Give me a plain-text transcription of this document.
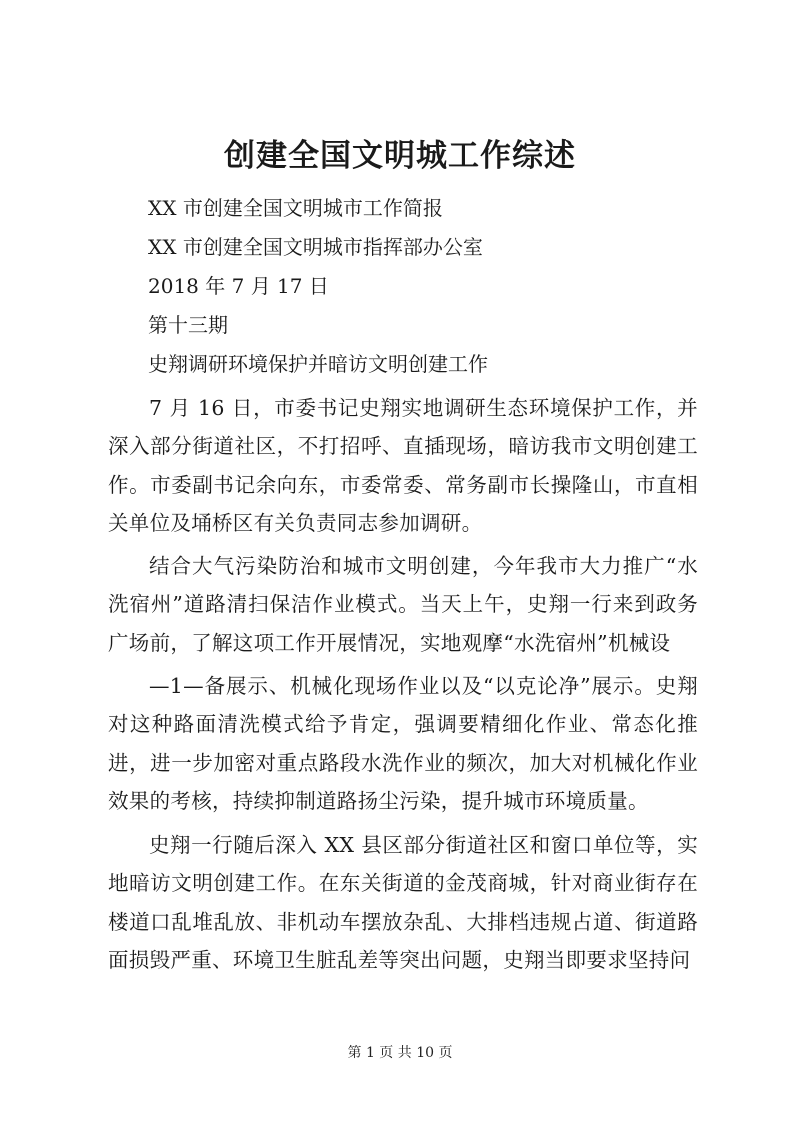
创建全国文明城工作综述
XX 市创建全国文明城市工作简报
XX 市创建全国文明城市指挥部办公室
2018 年 7 月 17 日
第十三期
史翔调研环境保护并暗访文明创建工作
7 月 16 日，市委书记史翔实地调研生态环境保护工作，并深入部分街道社区，不打招呼、直插现场，暗访我市文明创建工作。市委副书记余向东，市委常委、常务副市长操隆山，市直相关单位及埇桥区有关负责同志参加调研。
结合大气污染防治和城市文明创建，今年我市大力推广“水洗宿州”道路清扫保洁作业模式。当天上午，史翔一行来到政务广场前，了解这项工作开展情况，实地观摩“水洗宿州”机械设
—1—备展示、机械化现场作业以及“以克论净”展示。史翔对这种路面清洗模式给予肯定，强调要精细化作业、常态化推进，进一步加密对重点路段水洗作业的频次，加大对机械化作业效果的考核，持续抑制道路扬尘污染，提升城市环境质量。
史翔一行随后深入 XX 县区部分街道社区和窗口单位等，实地暗访文明创建工作。在东关街道的金茂商城，针对商业街存在楼道口乱堆乱放、非机动车摆放杂乱、大排档违规占道、街道路面损毁严重、环境卫生脏乱差等突出问题，史翔当即要求坚持问
第 1 页 共 10 页
